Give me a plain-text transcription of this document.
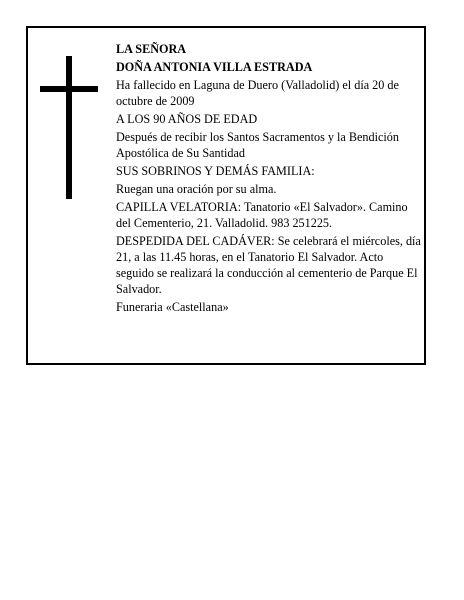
LA SEÑORA

DOÑA ANTONIA VILLA ESTRADA

Ha fallecido en Laguna de Duero (Valladolid) el día 20 de octubre de 2009

A LOS 90 AÑOS DE EDAD

Después de recibir los Santos Sacramentos y la Bendición Apostólica de Su Santidad

SUS SOBRINOS Y DEMÁS FAMILIA:

Ruegan una oración por su alma.

CAPILLA VELATORIA: Tanatorio «El Salvador». Camino del Cementerio, 21. Valladolid. 983 251225.

DESPEDIDA DEL CADÁVER: Se celebrará el miércoles, día 21, a las 11.45 horas, en el Tanatorio El Salvador. Acto seguido se realizará la conducción al cementerio de Parque El Salvador.

Funeraria «Castellana»
